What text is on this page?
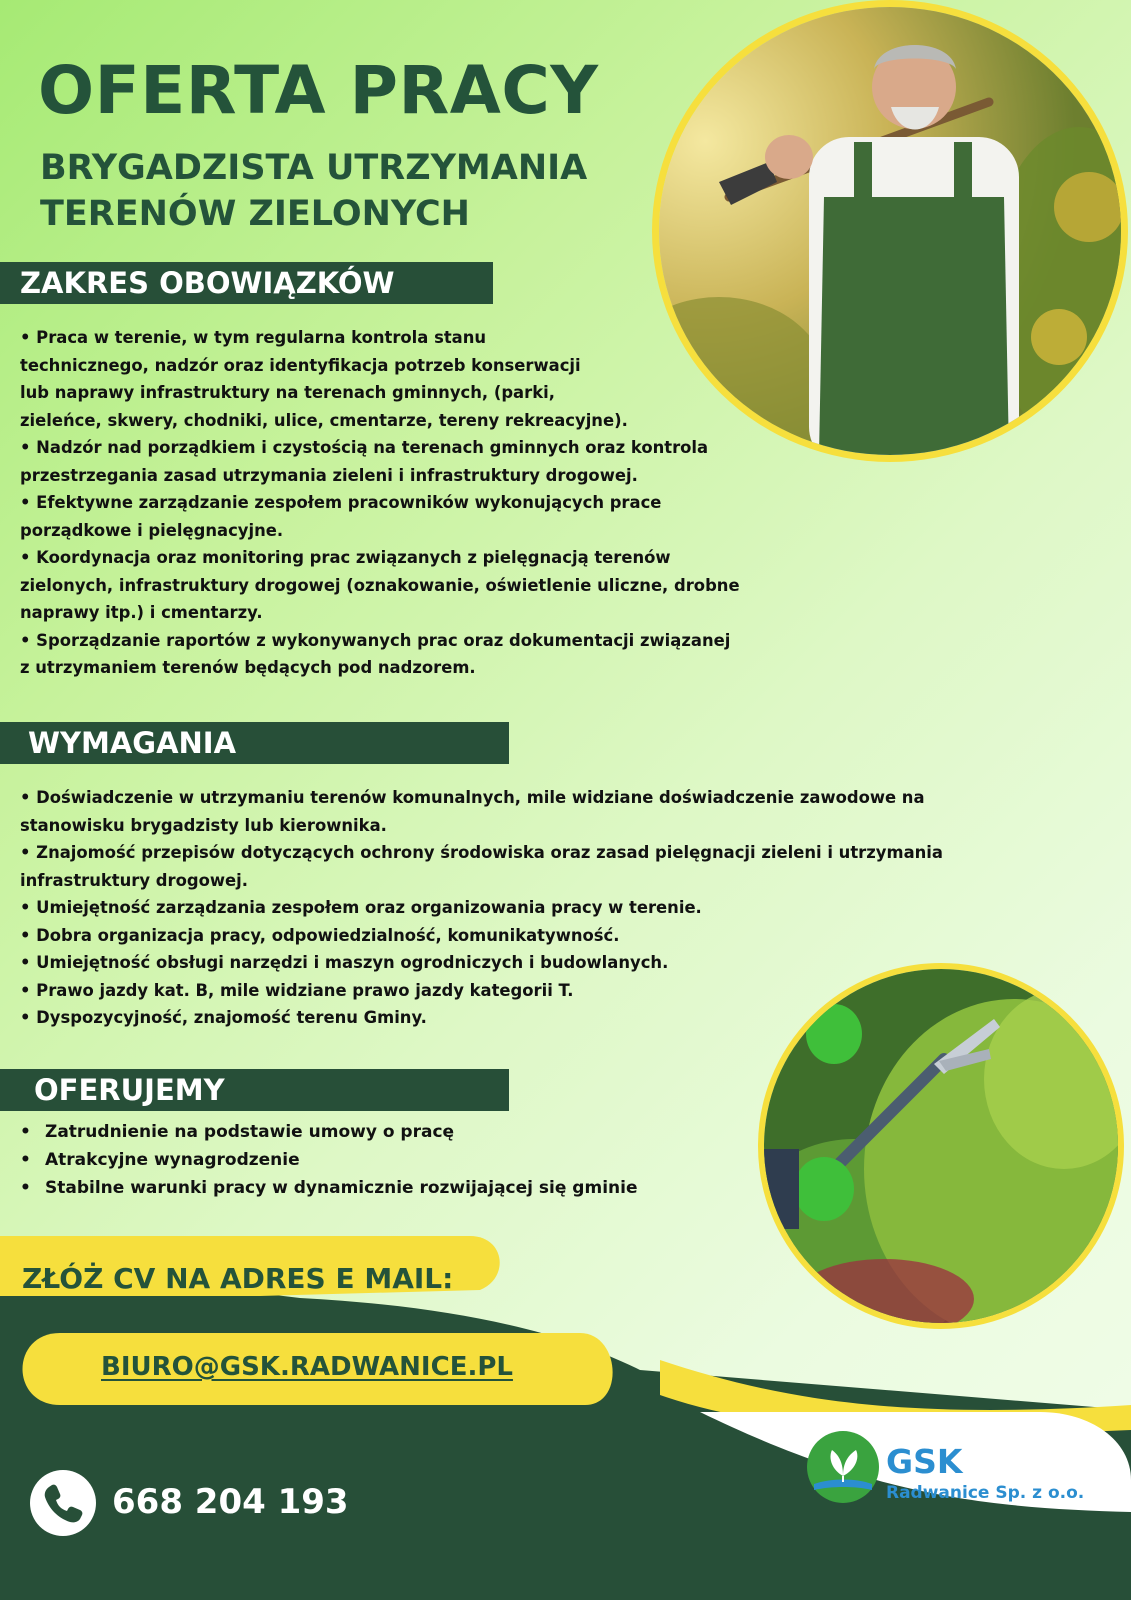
OFERTA PRACY
BRYGADZISTA UTRZYMANIA
TERENÓW ZIELONYCH
ZAKRES OBOWIĄZKÓW

• Praca w terenie, w tym regularna kontrola stanu

technicznego, nadzór oraz identyfikacja potrzeb konserwacji

lub naprawy infrastruktury na terenach gminnych, (parki,

zieleńce, skwery, chodniki, ulice, cmentarze, tereny rekreacyjne).

• Nadzór nad porządkiem i czystością na terenach gminnych oraz kontrola

przestrzegania zasad utrzymania zieleni i infrastruktury drogowej.

• Efektywne zarządzanie zespołem pracowników wykonujących prace

porządkowe i pielęgnacyjne.

• Koordynacja oraz monitoring prac związanych z pielęgnacją terenów

zielonych, infrastruktury drogowej (oznakowanie, oświetlenie uliczne, drobne

naprawy itp.) i cmentarzy.

• Sporządzanie raportów z wykonywanych prac oraz dokumentacji związanej

z utrzymaniem terenów będących pod nadzorem.

WYMAGANIA

• Doświadczenie w utrzymaniu terenów komunalnych, mile widziane doświadczenie zawodowe na

stanowisku brygadzisty lub kierownika.

• Znajomość przepisów dotyczących ochrony środowiska oraz zasad pielęgnacji zieleni i utrzymania

infrastruktury drogowej.

• Umiejętność zarządzania zespołem oraz organizowania pracy w terenie.

• Dobra organizacja pracy, odpowiedzialność, komunikatywność.

• Umiejętność obsługi narzędzi i maszyn ogrodniczych i budowlanych.

• Prawo jazdy kat. B, mile widziane prawo jazdy kategorii T.

• Dyspozycyjność, znajomość terenu Gminy.

OFERUJEMY
• Zatrudnienie na podstawie umowy o pracę
• Atrakcyjne wynagrodzenie
• Stabilne warunki pracy w dynamicznie rozwijającej się gminie
ZŁÓŻ CV NA ADRES E MAIL:
BIURO@GSK.RADWANICE.PL
668 204 193
GSK
Radwanice Sp. z o.o.
